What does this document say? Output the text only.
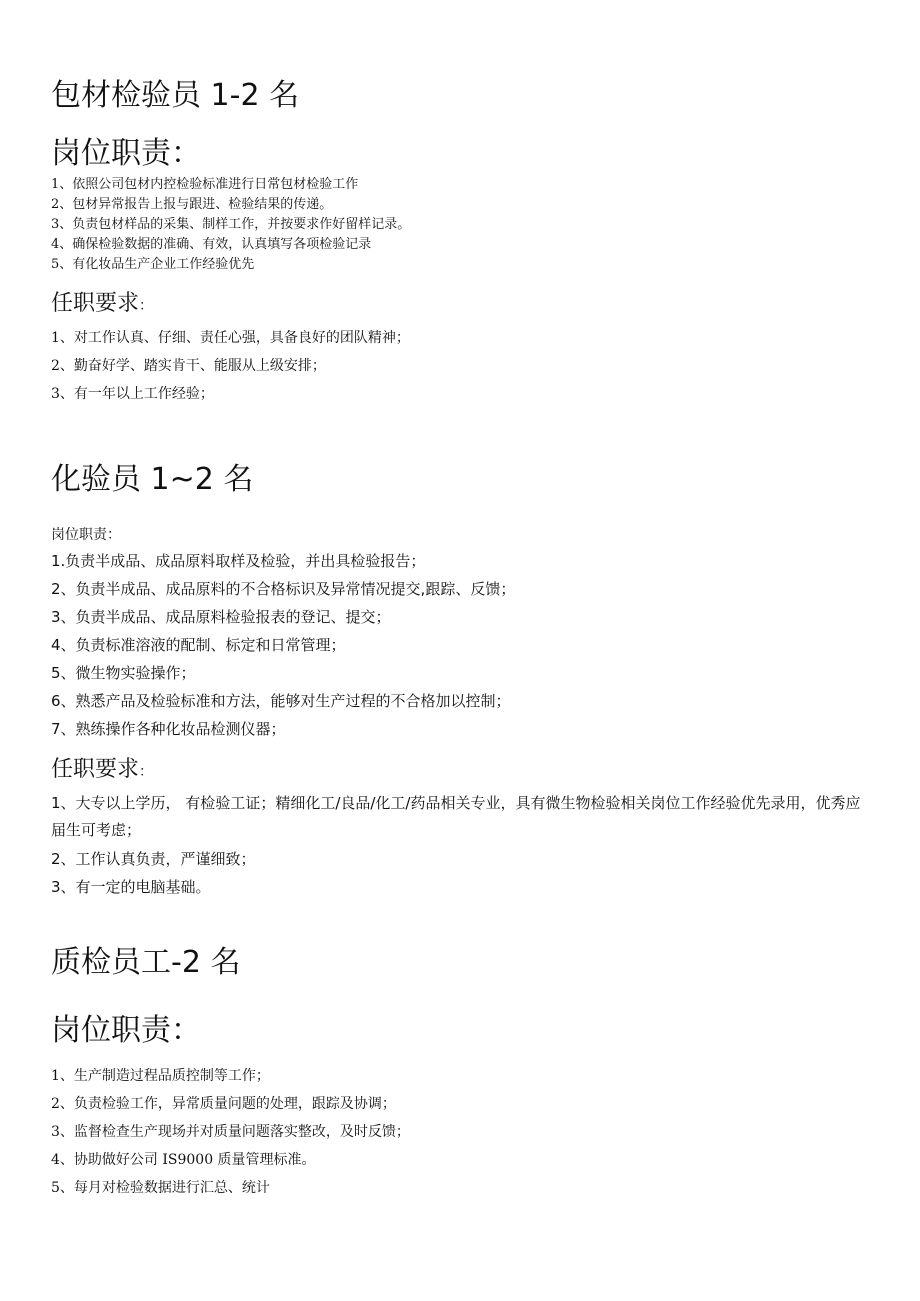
包材检验员 1-2 名
岗位职责：

1、依照公司包材内控检验标准进行日常包材检验工作

2、包材异常报告上报与跟进、检验结果的传递。

3、负责包材样品的采集、制样工作，并按要求作好留样记录。

4、确保检验数据的准确、有效，认真填写各项检验记录

5、有化妆品生产企业工作经验优先

任职要求：

1、对工作认真、仔细、责任心强，具备良好的团队精神；

2、勤奋好学、踏实肯干、能服从上级安排；

3、有一年以上工作经验；

化验员 1~2 名

岗位职责：

1.负责半成品、成品原料取样及检验，并出具检验报告；

2、负责半成品、成品原料的不合格标识及异常情况提交,跟踪、反馈；

3、负责半成品、成品原料检验报表的登记、提交；

4、负责标准溶液的配制、标定和日常管理；

5、微生物实验操作；

6、熟悉产品及检验标准和方法，能够对生产过程的不合格加以控制；

7、熟练操作各种化妆品检测仪器；

任职要求：

1、大专以上学历， 有检验工证；精细化工/良品/化工/药品相关专业，具有微生物检验相关岗位工作经验优先录用，优秀应届生可考虑；

2、工作认真负责，严谨细致；

3、有一定的电脑基础。

质检员工-2 名
岗位职责：

1、生产制造过程品质控制等工作；

2、负责检验工作，异常质量问题的处理，跟踪及协调；

3、监督检查生产现场并对质量问题落实整改，及时反馈；

4、协助做好公司 IS9000 质量管理标准。

5、每月对检验数据进行汇总、统计
